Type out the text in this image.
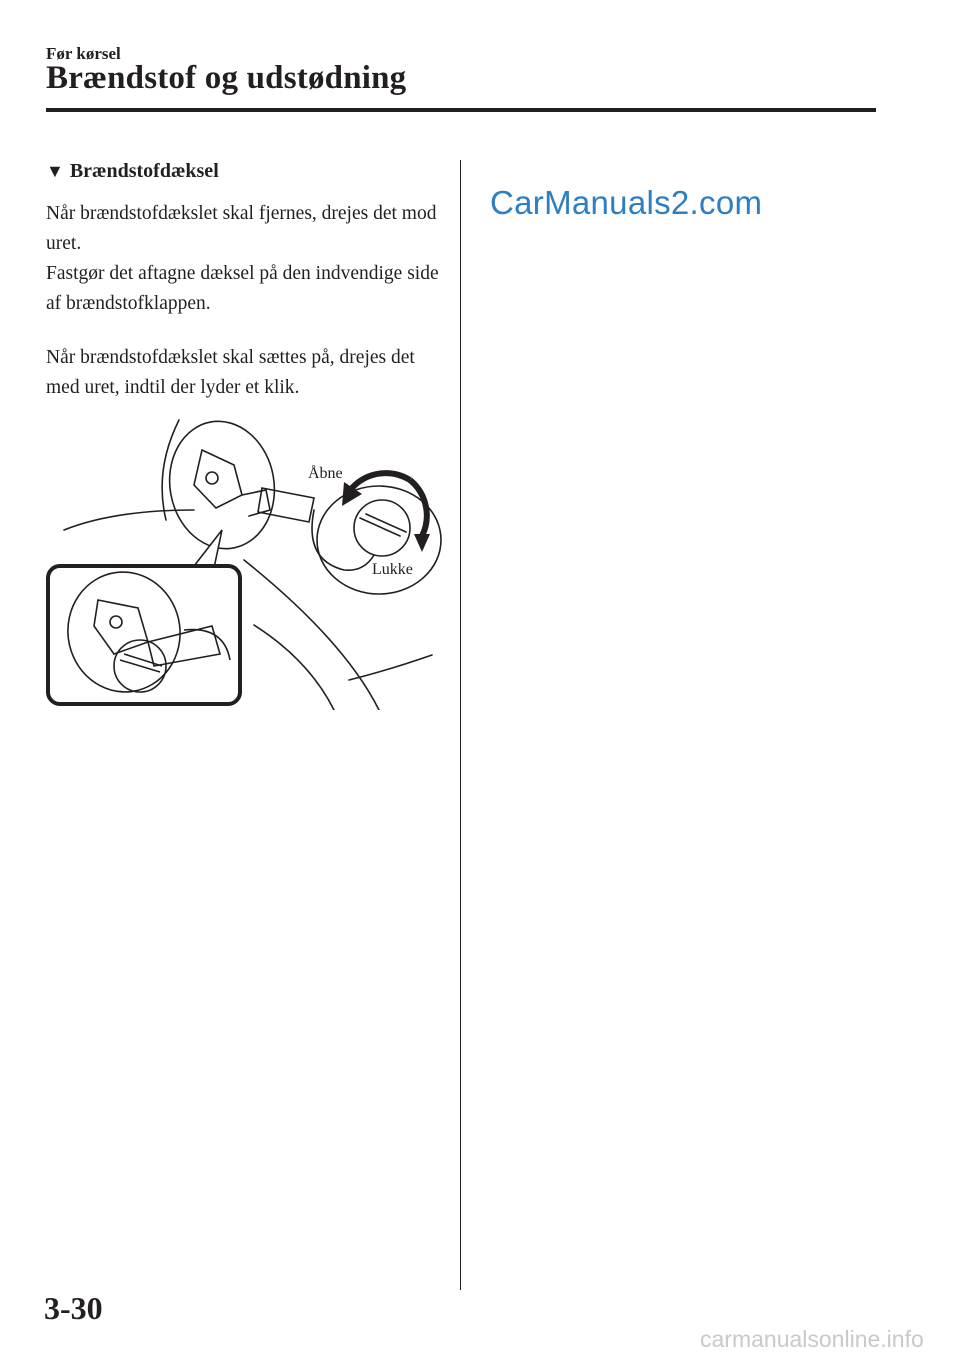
Før kørsel
Brændstof og udstødning
▼ Brændstofdæksel

Når brændstofdækslet skal fjernes, drejes det mod uret.

Fastgør det aftagne dæksel på den indvendige side af brændstofklappen.

Når brændstofdækslet skal sættes på, drejes det med uret, indtil der lyder et klik.

CarManuals2.com
Åbne
Lukke
3-30
carmanualsonline.info
